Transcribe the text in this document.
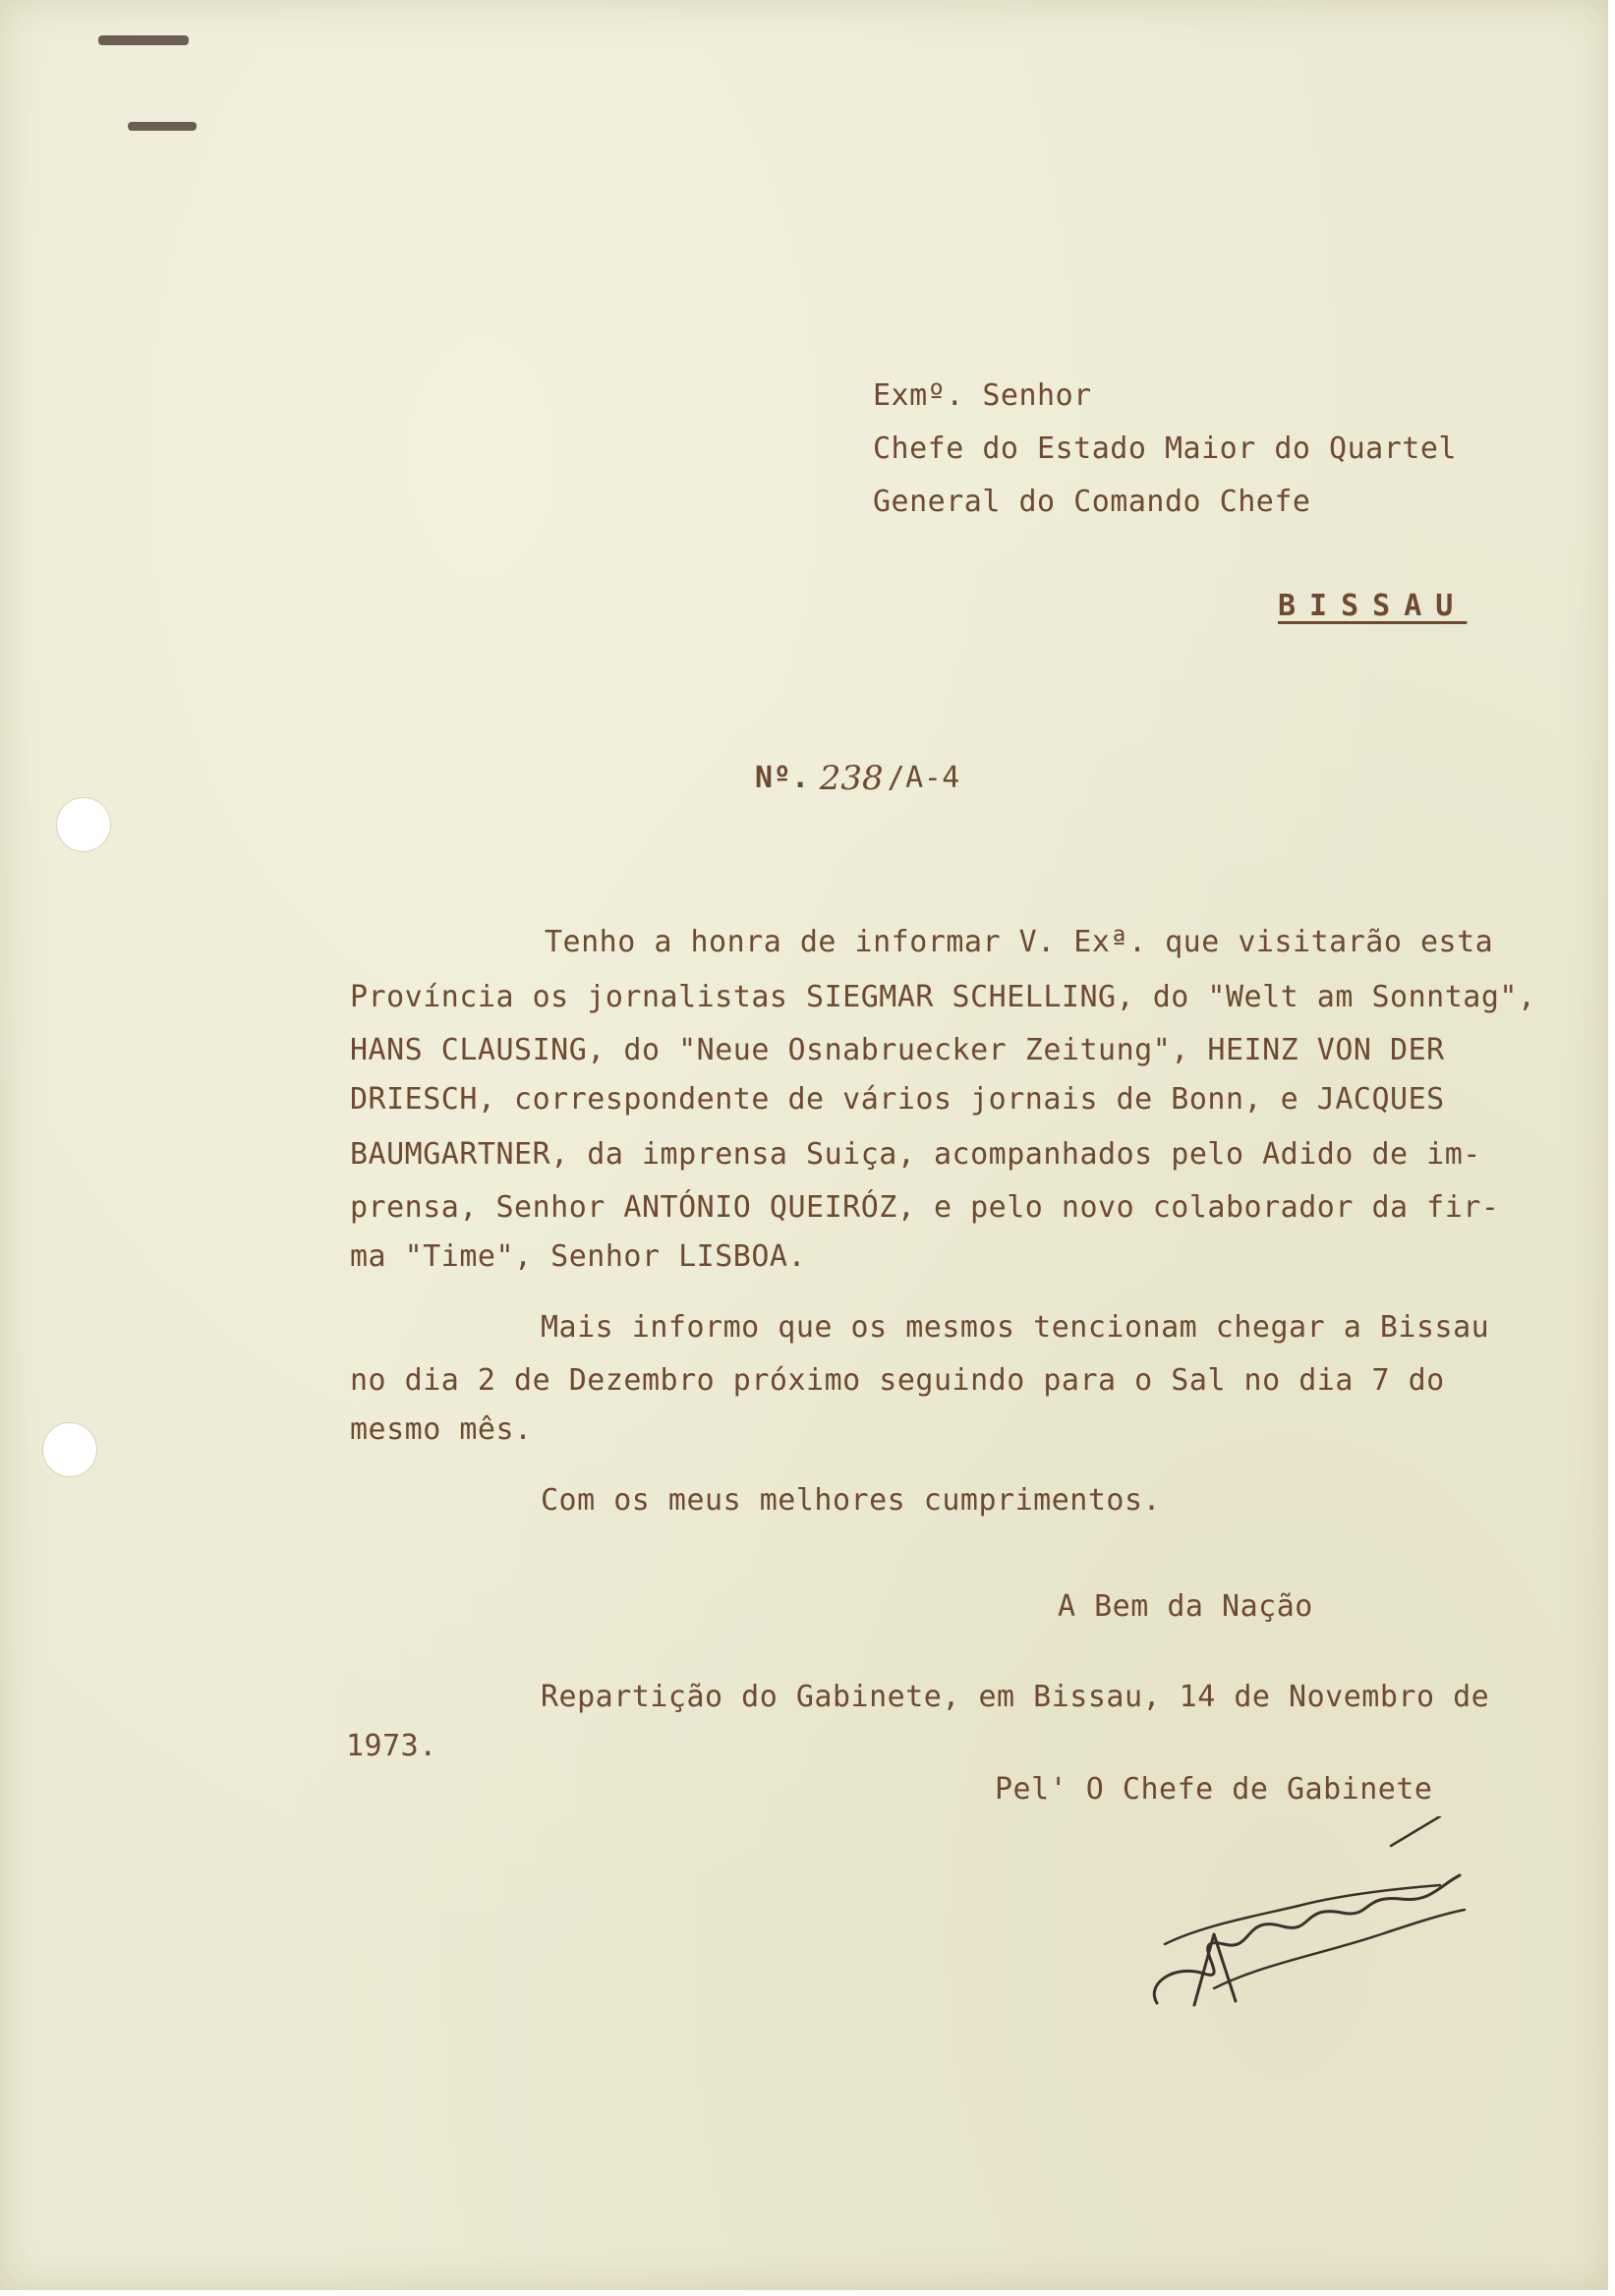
Exmº. Senhor

Chefe do Estado Maior do Quartel

General do Comando Chefe

BISSAU

Nº. 238 /A-4

Tenho a honra de informar V. Exª. que visitarão esta

Província os jornalistas SIEGMAR SCHELLING, do "Welt am Sonntag",

HANS CLAUSING, do "Neue Osnabruecker Zeitung", HEINZ VON DER

DRIESCH, correspondente de vários jornais de Bonn, e JACQUES

BAUMGARTNER, da imprensa Suiça, acompanhados pelo Adido de im-

prensa, Senhor ANTÓNIO QUEIRÓZ, e pelo novo colaborador da fir-

ma "Time", Senhor LISBOA.

Mais informo que os mesmos tencionam chegar a Bissau

no dia 2 de Dezembro próximo seguindo para o Sal no dia 7 do

mesmo mês.

Com os meus melhores cumprimentos.

A Bem da Nação

Repartição do Gabinete, em Bissau, 14 de Novembro de

1973.

Pel' O Chefe de Gabinete
